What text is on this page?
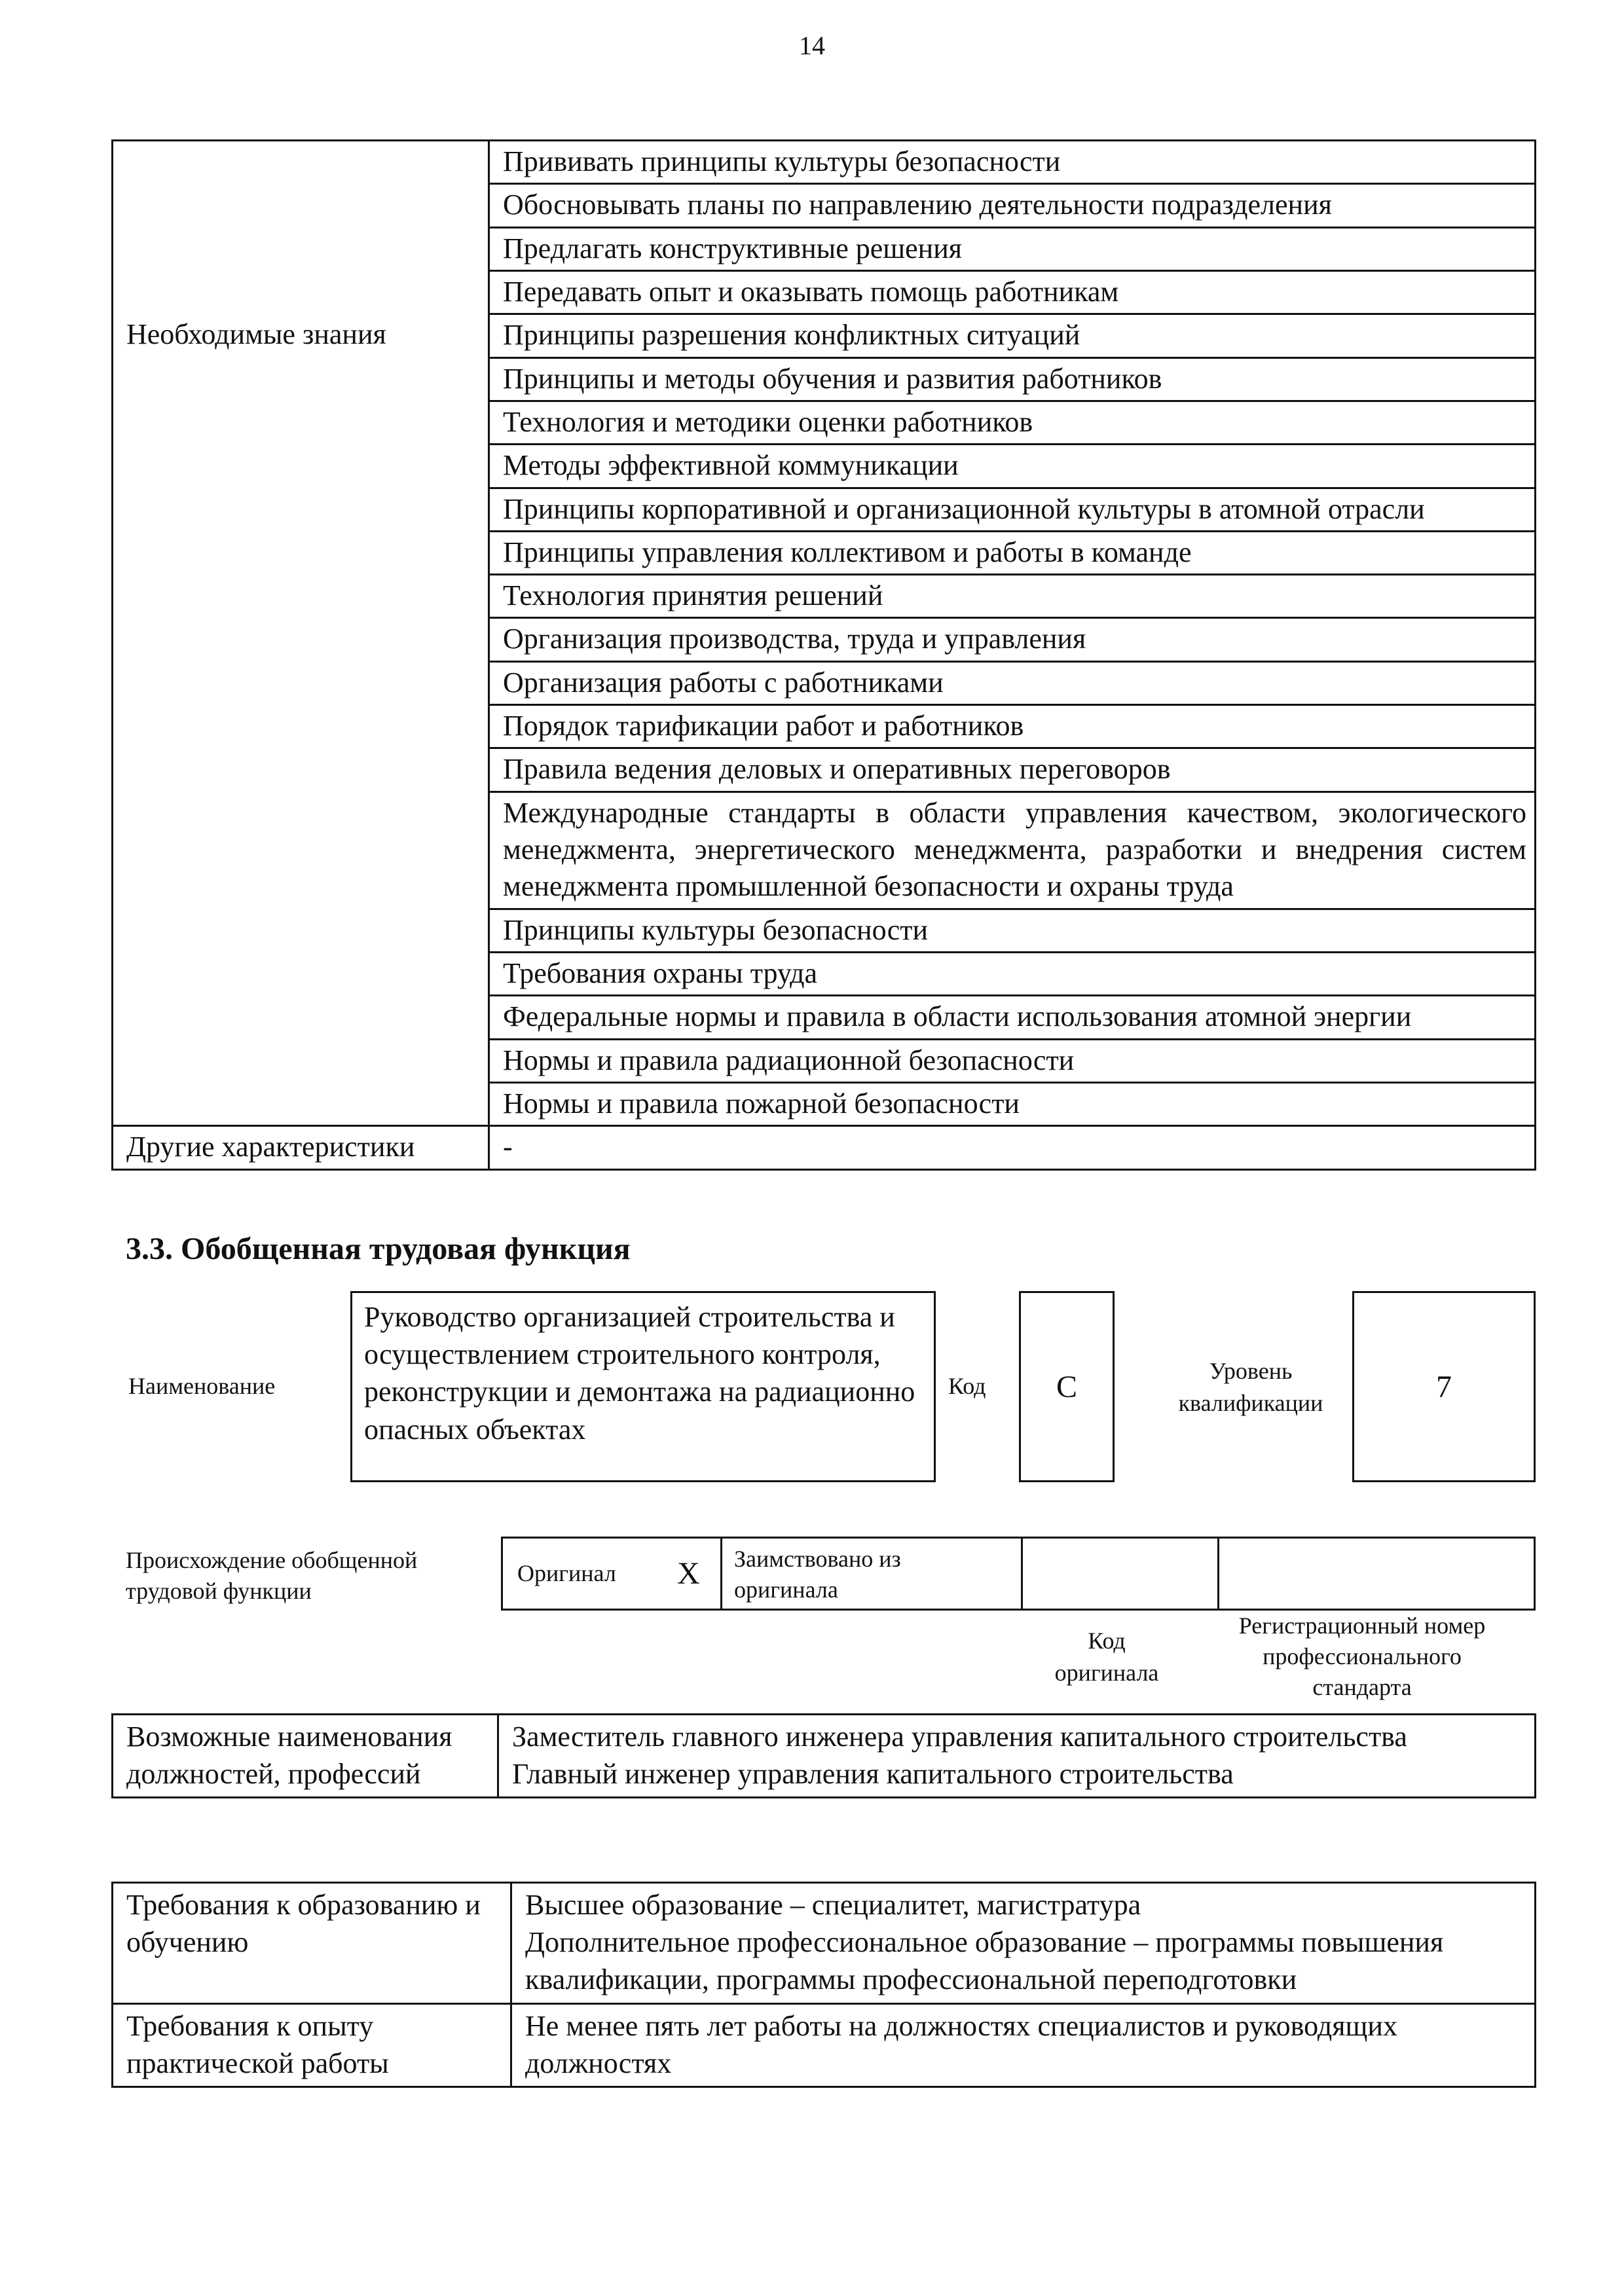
14
	Прививать принципы культуры безопасности
	Обосновывать планы по направлению деятельности подразделения
	Предлагать конструктивные решения
	Передавать опыт и оказывать помощь работникам
Необходимые знания	Принципы разрешения конфликтных ситуаций
	Принципы и методы обучения и развития работников
	Технология и методики оценки работников
	Методы эффективной коммуникации
	Принципы корпоративной и организационной культуры в атомной отрасли
	Принципы управления коллективом и работы в команде
	Технология принятия решений
	Организация производства, труда и управления
	Организация работы с работниками
	Порядок тарификации работ и работников
	Правила ведения деловых и оперативных переговоров
	Международные стандарты в области управления качеством, экологического менеджмента, энергетического менеджмента, разработки и внедрения систем менеджмента промышленной безопасности и охраны труда
	Принципы культуры безопасности
	Требования охраны труда
	Федеральные нормы и правила в области использования атомной энергии
	Нормы и правила радиационной безопасности
	Нормы и правила пожарной безопасности
Другие характеристики	-
3.3. Обобщенная трудовая функция
Наименование
Руководство организацией строительства и осуществлением строительного контроля, реконструкции и демонтажа на радиационно опасных объектах
Код	C	Уровень квалификации	7
Происхождение обобщенной трудовой функции
Оригинал X	Заимствовано из оригинала
Код оригинала
Регистрационный номер профессионального стандарта
Возможные наименования должностей, профессий	
Заместитель главного инженера управления капитального строительства
Главный инженер управления капитального строительства
Требования к образованию и обучению	Высшее образование – специалитет, магистратура
Дополнительное профессиональное образование – программы повышения квалификации, программы профессиональной переподготовки

Требования к опыту практической работы	Не менее пять лет работы на должностях специалистов и руководящих должностях
